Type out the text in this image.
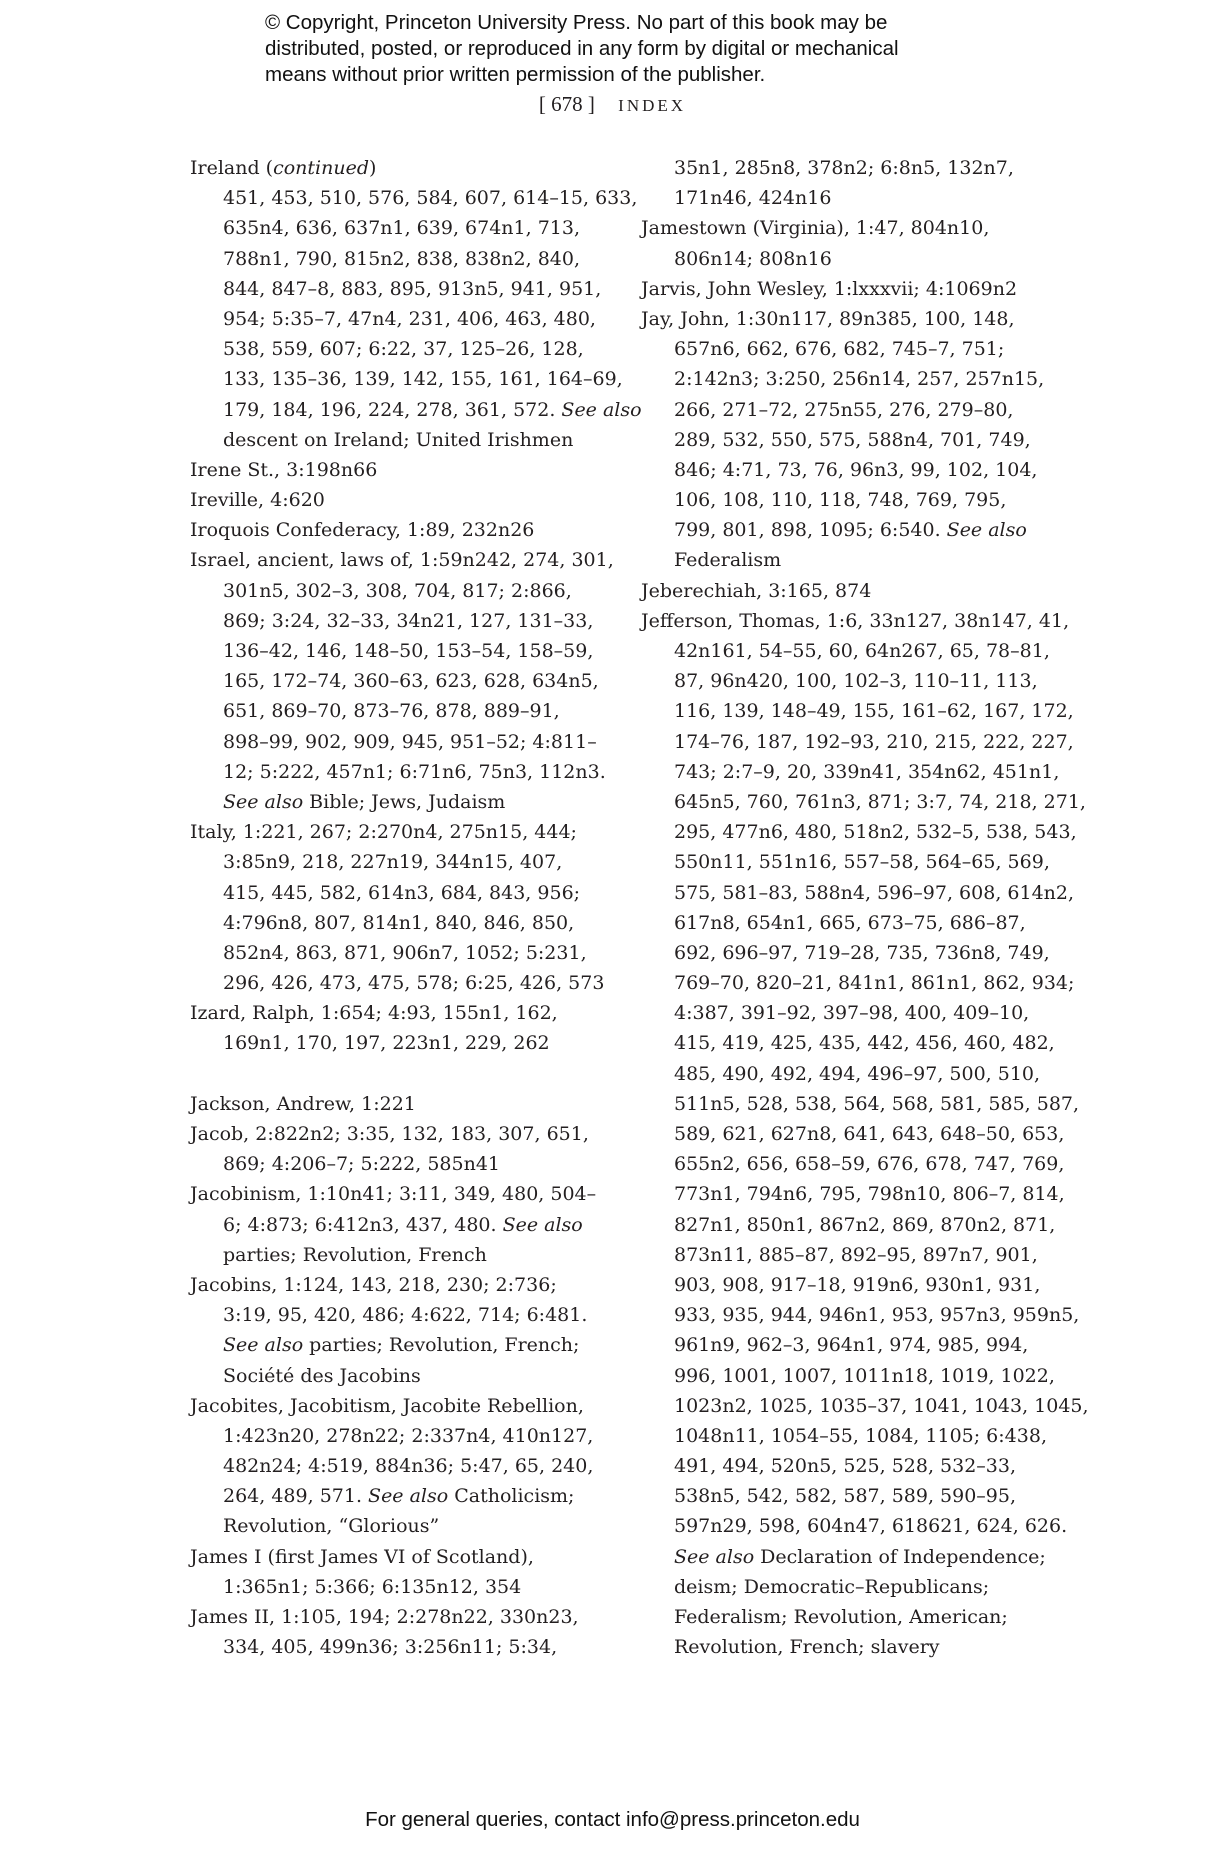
© Copyright, Princeton University Press. No part of this book may be
distributed, posted, or reproduced in any form by digital or mechanical
means without prior written permission of the publisher.
[ 678 ] INDEX
Ireland (continued)
451, 453, 510, 576, 584, 607, 614–15, 633,
635n4, 636, 637n1, 639, 674n1, 713,
788n1, 790, 815n2, 838, 838n2, 840,
844, 847–8, 883, 895, 913n5, 941, 951,
954; 5:35–7, 47n4, 231, 406, 463, 480,
538, 559, 607; 6:22, 37, 125–26, 128,
133, 135–36, 139, 142, 155, 161, 164–69,
179, 184, 196, 224, 278, 361, 572. See also
descent on Ireland; United Irishmen
Irene St., 3:198n66
Ireville, 4:620
Iroquois Confederacy, 1:89, 232n26
Israel, ancient, laws of, 1:59n242, 274, 301,
301n5, 302–3, 308, 704, 817; 2:866,
869; 3:24, 32–33, 34n21, 127, 131–33,
136–42, 146, 148–50, 153–54, 158–59,
165, 172–74, 360–63, 623, 628, 634n5,
651, 869–70, 873–76, 878, 889–91,
898–99, 902, 909, 945, 951–52; 4:811–
12; 5:222, 457n1; 6:71n6, 75n3, 112n3.
See also Bible; Jews, Judaism
Italy, 1:221, 267; 2:270n4, 275n15, 444;
3:85n9, 218, 227n19, 344n15, 407,
415, 445, 582, 614n3, 684, 843, 956;
4:796n8, 807, 814n1, 840, 846, 850,
852n4, 863, 871, 906n7, 1052; 5:231,
296, 426, 473, 475, 578; 6:25, 426, 573
Izard, Ralph, 1:654; 4:93, 155n1, 162,
169n1, 170, 197, 223n1, 229, 262
Jackson, Andrew, 1:221
Jacob, 2:822n2; 3:35, 132, 183, 307, 651,
869; 4:206–7; 5:222, 585n41
Jacobinism, 1:10n41; 3:11, 349, 480, 504–
6; 4:873; 6:412n3, 437, 480. See also
parties; Revolution, French
Jacobins, 1:124, 143, 218, 230; 2:736;
3:19, 95, 420, 486; 4:622, 714; 6:481.
See also parties; Revolution, French;
Société des Jacobins
Jacobites, Jacobitism, Jacobite Rebellion,
1:423n20, 278n22; 2:337n4, 410n127,
482n24; 4:519, 884n36; 5:47, 65, 240,
264, 489, 571. See also Catholicism;
Revolution, “Glorious”
James I (first James VI of Scotland),
1:365n1; 5:366; 6:135n12, 354
James II, 1:105, 194; 2:278n22, 330n23,
334, 405, 499n36; 3:256n11; 5:34,
35n1, 285n8, 378n2; 6:8n5, 132n7,
171n46, 424n16
Jamestown (Virginia), 1:47, 804n10,
806n14; 808n16
Jarvis, John Wesley, 1:lxxxvii; 4:1069n2
Jay, John, 1:30n117, 89n385, 100, 148,
657n6, 662, 676, 682, 745–7, 751;
2:142n3; 3:250, 256n14, 257, 257n15,
266, 271–72, 275n55, 276, 279–80,
289, 532, 550, 575, 588n4, 701, 749,
846; 4:71, 73, 76, 96n3, 99, 102, 104,
106, 108, 110, 118, 748, 769, 795,
799, 801, 898, 1095; 6:540. See also
Federalism
Jeberechiah, 3:165, 874
Jefferson, Thomas, 1:6, 33n127, 38n147, 41,
42n161, 54–55, 60, 64n267, 65, 78–81,
87, 96n420, 100, 102–3, 110–11, 113,
116, 139, 148–49, 155, 161–62, 167, 172,
174–76, 187, 192–93, 210, 215, 222, 227,
743; 2:7–9, 20, 339n41, 354n62, 451n1,
645n5, 760, 761n3, 871; 3:7, 74, 218, 271,
295, 477n6, 480, 518n2, 532–5, 538, 543,
550n11, 551n16, 557–58, 564–65, 569,
575, 581–83, 588n4, 596–97, 608, 614n2,
617n8, 654n1, 665, 673–75, 686–87,
692, 696–97, 719–28, 735, 736n8, 749,
769–70, 820–21, 841n1, 861n1, 862, 934;
4:387, 391–92, 397–98, 400, 409–10,
415, 419, 425, 435, 442, 456, 460, 482,
485, 490, 492, 494, 496–97, 500, 510,
511n5, 528, 538, 564, 568, 581, 585, 587,
589, 621, 627n8, 641, 643, 648–50, 653,
655n2, 656, 658–59, 676, 678, 747, 769,
773n1, 794n6, 795, 798n10, 806–7, 814,
827n1, 850n1, 867n2, 869, 870n2, 871,
873n11, 885–87, 892–95, 897n7, 901,
903, 908, 917–18, 919n6, 930n1, 931,
933, 935, 944, 946n1, 953, 957n3, 959n5,
961n9, 962–3, 964n1, 974, 985, 994,
996, 1001, 1007, 1011n18, 1019, 1022,
1023n2, 1025, 1035–37, 1041, 1043, 1045,
1048n11, 1054–55, 1084, 1105; 6:438,
491, 494, 520n5, 525, 528, 532–33,
538n5, 542, 582, 587, 589, 590–95,
597n29, 598, 604n47, 618621, 624, 626.
See also Declaration of Independence;
deism; Democratic–Republicans;
Federalism; Revolution, American;
Revolution, French; slavery
For general queries, contact info@press.princeton.edu
